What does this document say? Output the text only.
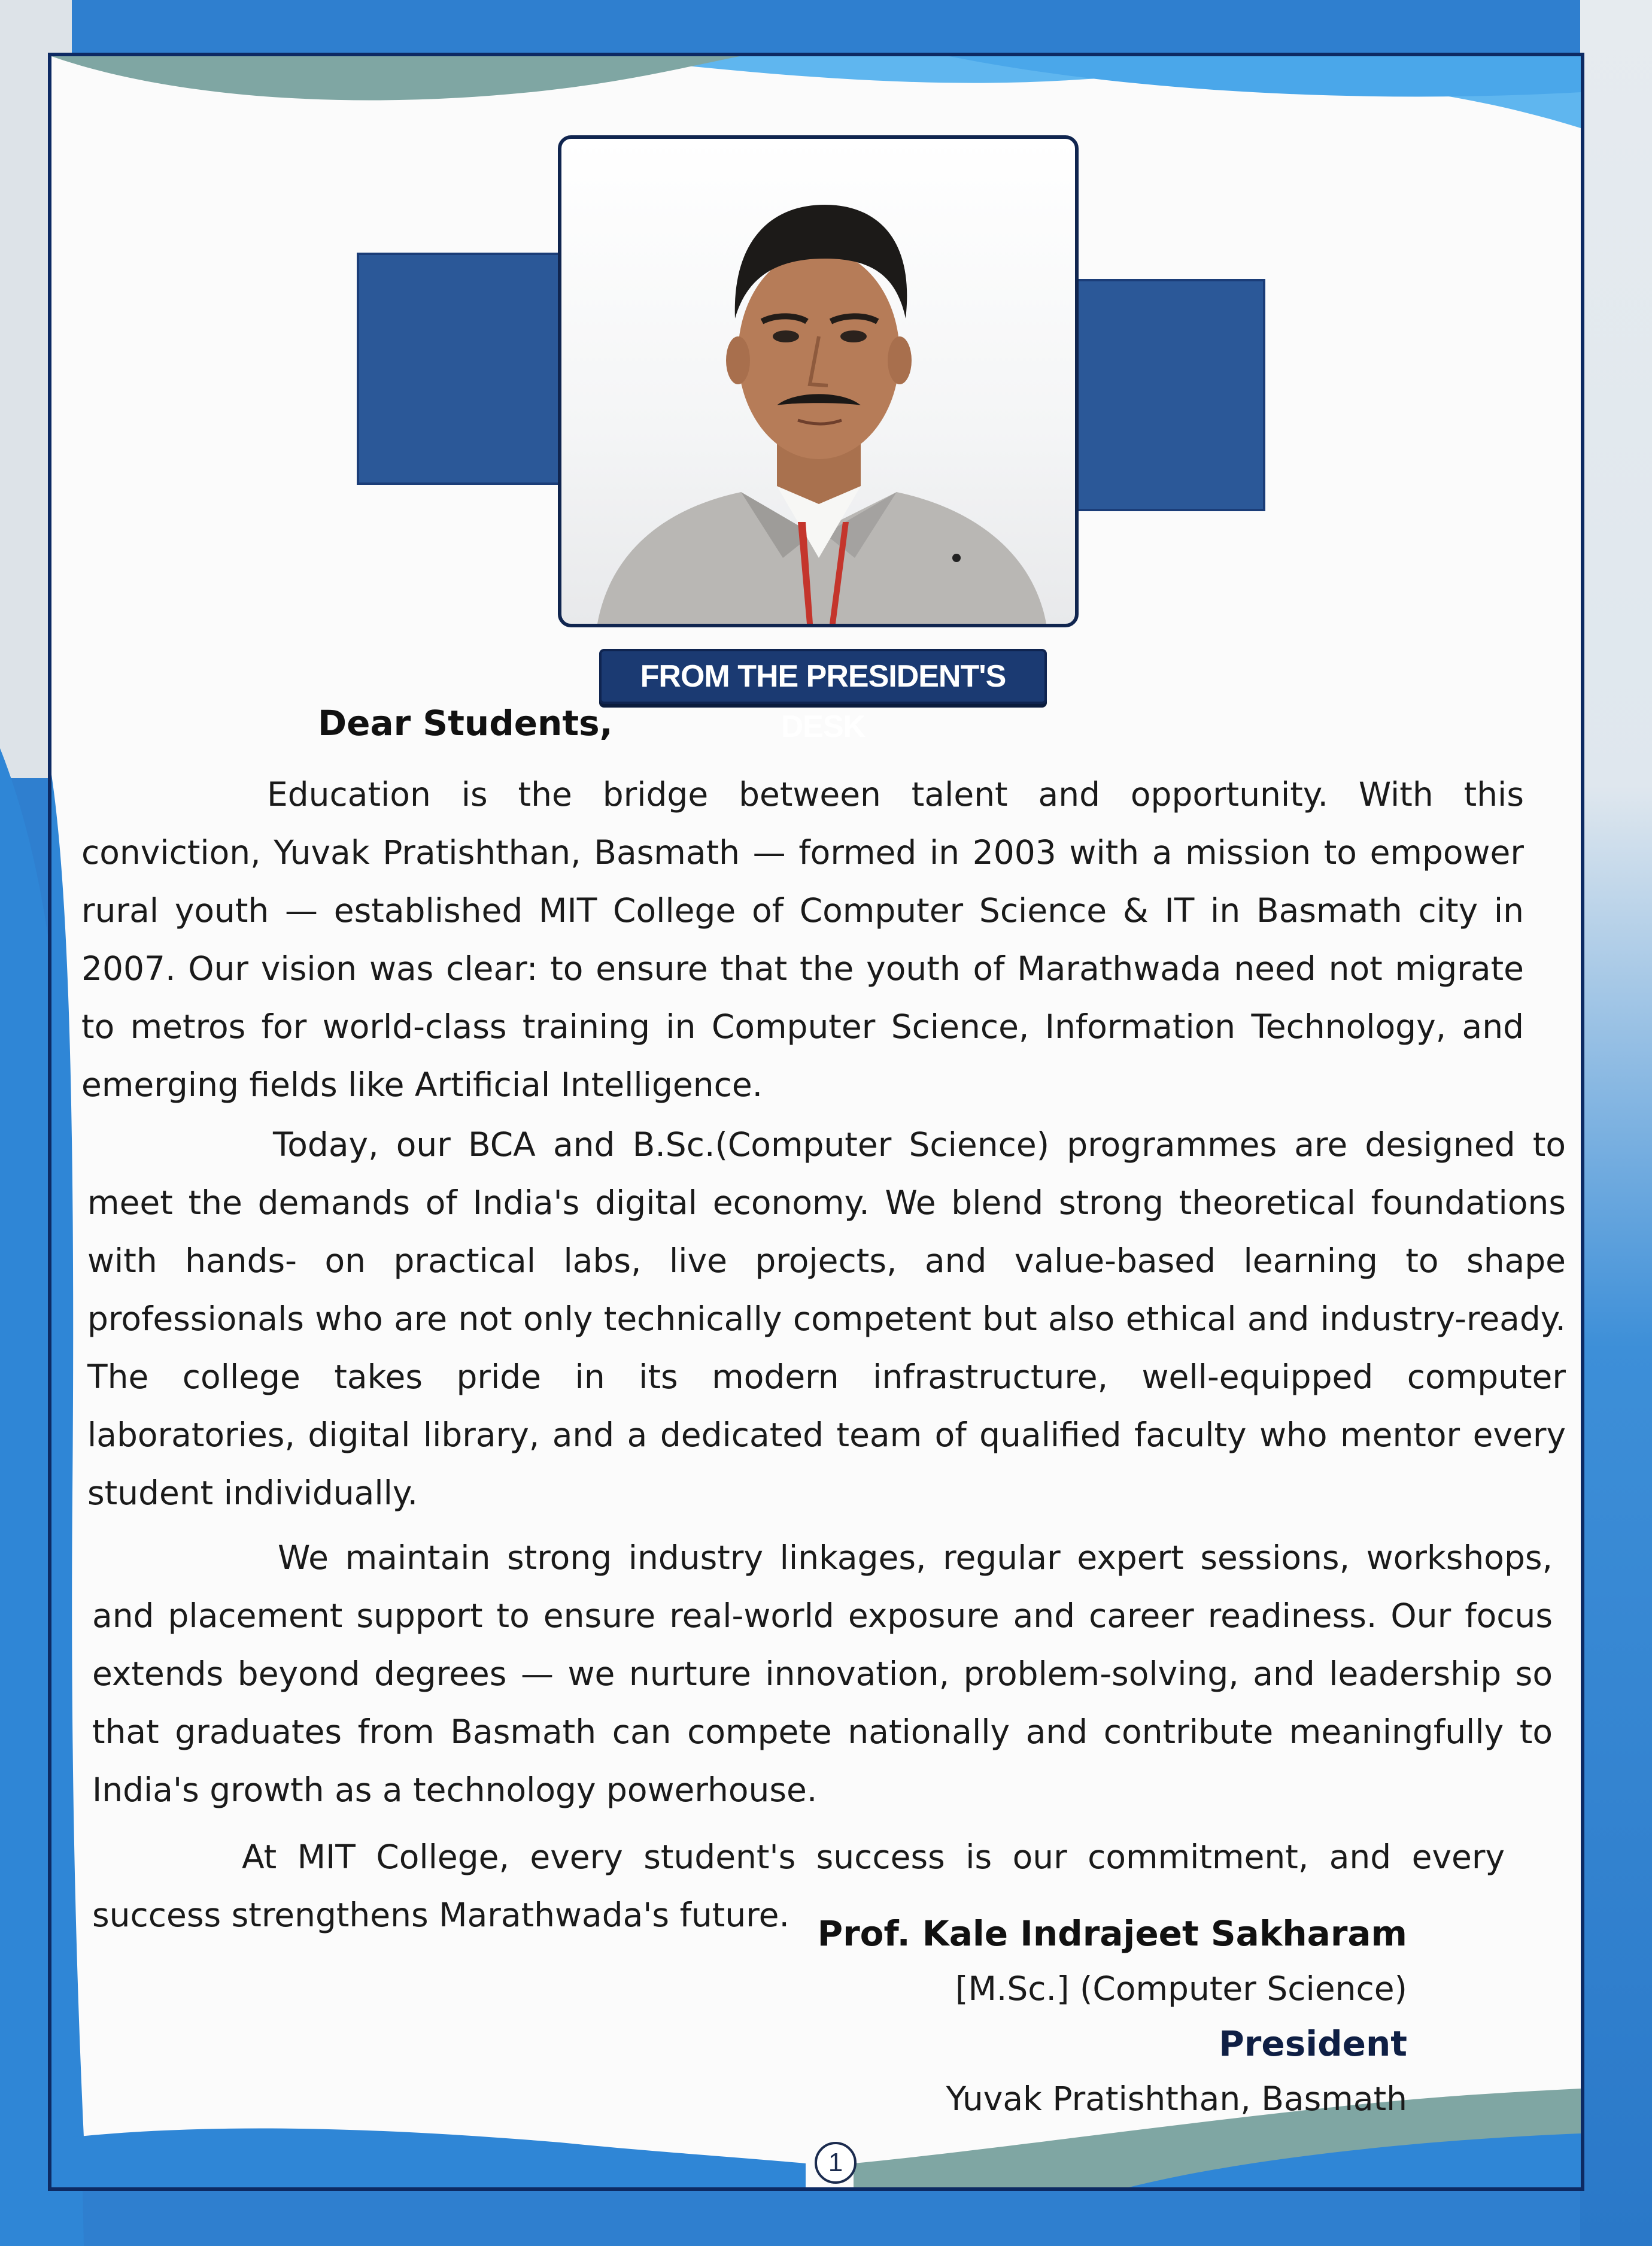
FROM THE PRESIDENT'S DESK
Dear Students,
Education is the bridge between talent and opportunity. With this conviction, Yuvak Pratishthan, Basmath — formed in 2003 with a mission to empower rural youth — established MIT College of Computer Science & IT in Basmath city in 2007. Our vision was clear: to ensure that the youth of Marathwada need not migrate to metros for world-class training in Computer Science, Information Technology, and emerging fields like Artificial Intelligence.
Today, our BCA and B.Sc.(Computer Science) programmes are designed to meet the demands of India's digital economy. We blend strong theoretical foundations with hands- on practical labs, live projects, and value-based learning to shape professionals who are not only technically competent but also ethical and industry-ready. The college takes pride in its modern infrastructure, well-equipped computer laboratories, digital library, and a dedicated team of qualified faculty who mentor every student individually.
We maintain strong industry linkages, regular expert sessions, workshops, and placement support to ensure real-world exposure and career readiness. Our focus extends beyond degrees — we nurture innovation, problem-solving, and leadership so that graduates from Basmath can compete nationally and contribute meaningfully to India's growth as a technology powerhouse.
At MIT College, every student's success is our commitment, and every success strengthens Marathwada's future. Prof. Kale Indrajeet Sakharam
[M.Sc.] (Computer Science)
President
Yuvak Pratishthan, Basmath
1
